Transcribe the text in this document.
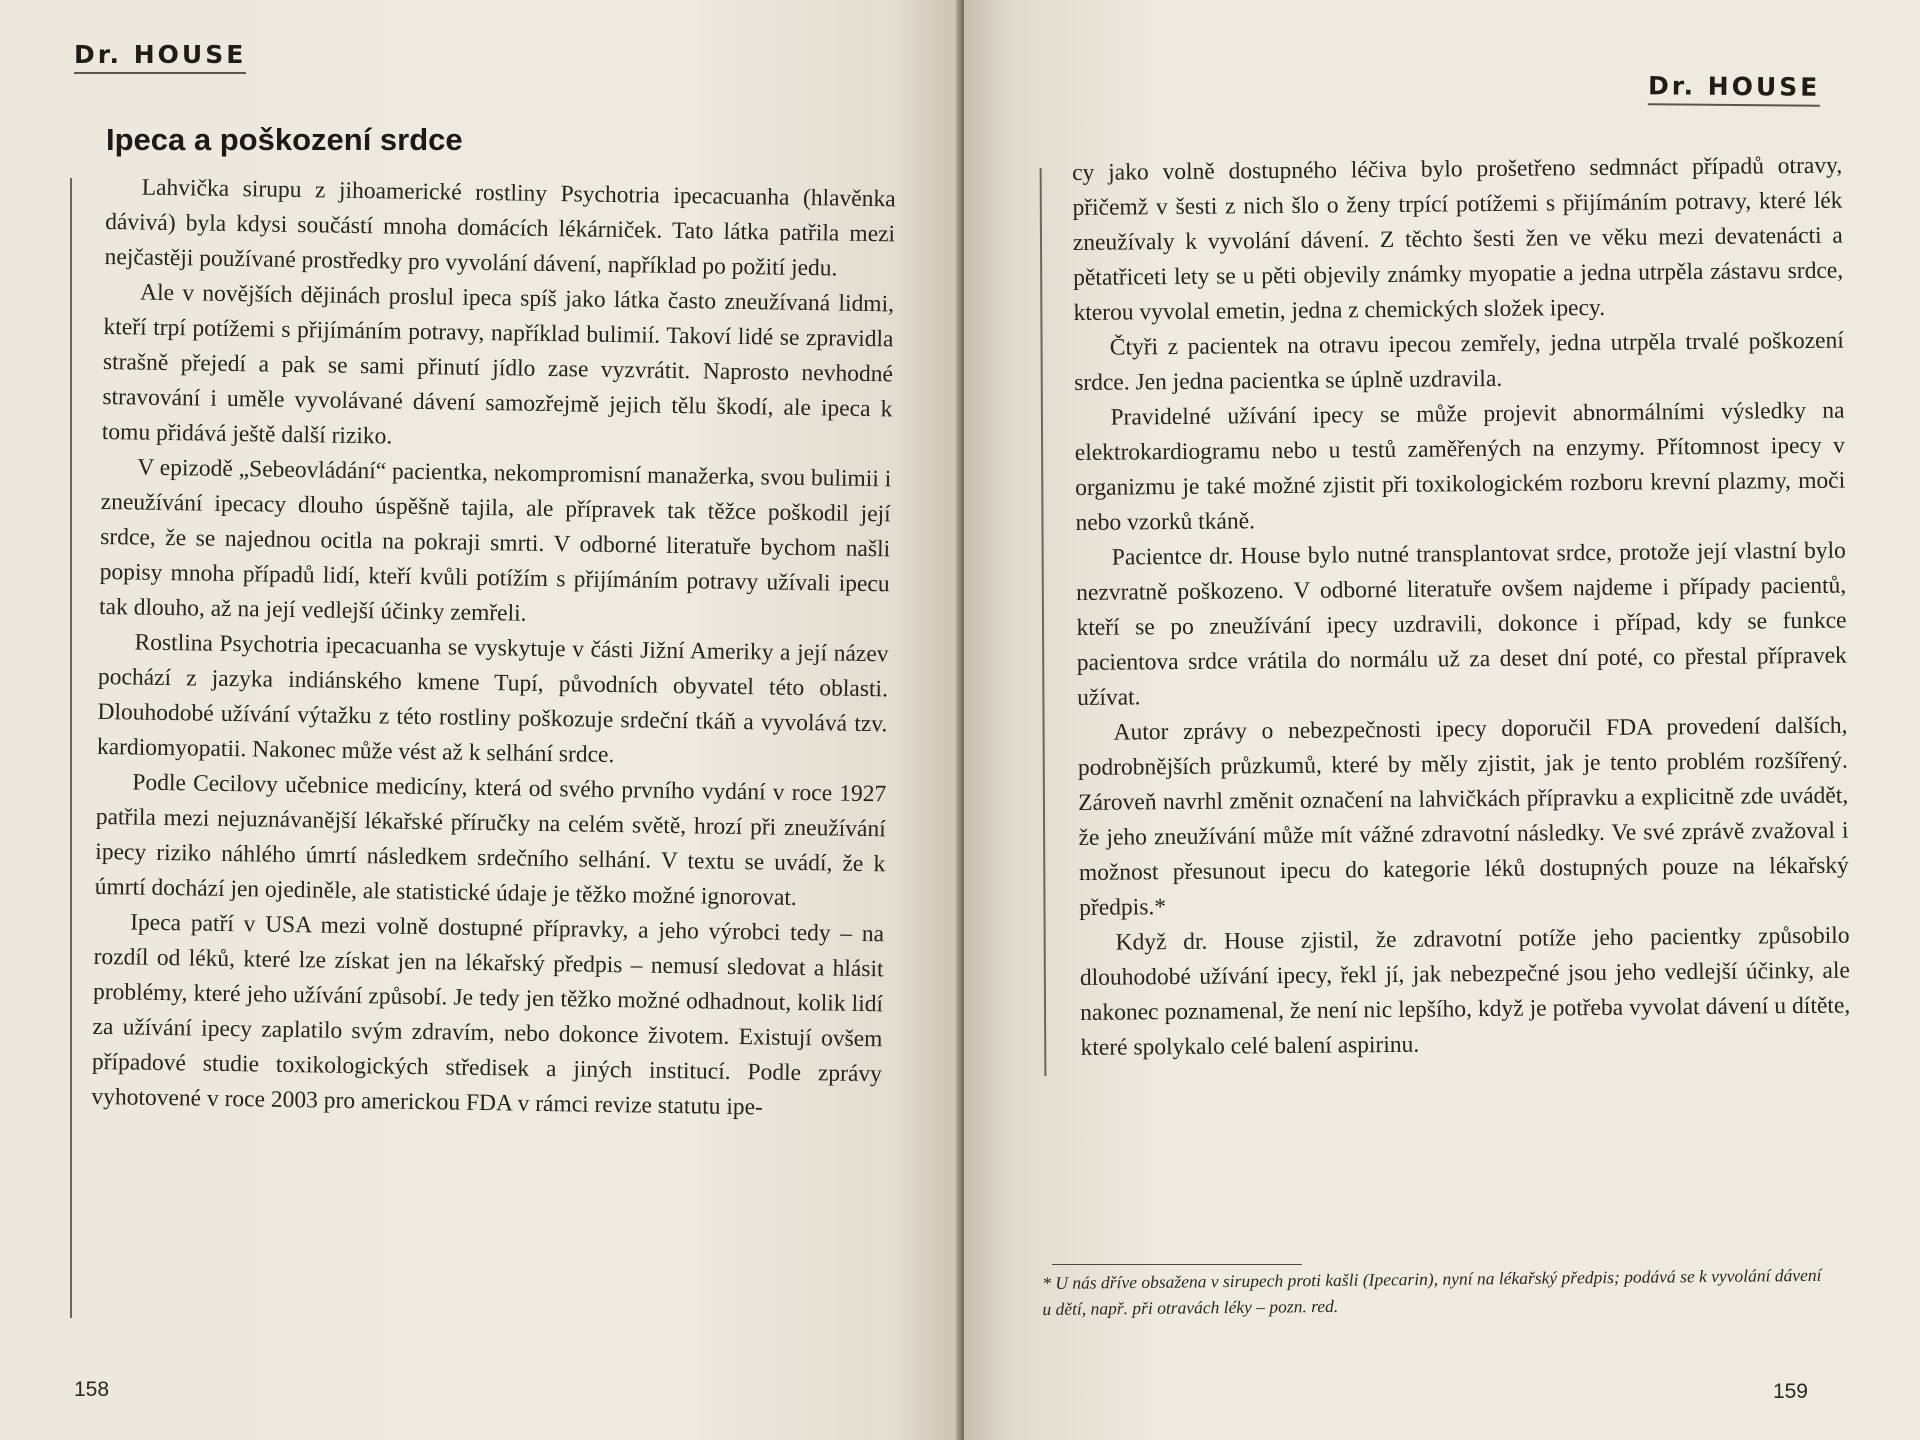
Dr. HOUSE
Ipeca a poškození srdce

Lahvička sirupu z jihoamerické rostliny Psychotria ipecacuanha (hlavěnka dávivá) byla kdysi součástí mnoha domácích lékárniček. Tato látka patřila mezi nejčastěji používané prostředky pro vyvolání dávení, například po požití jedu.

Ale v novějších dějinách proslul ipeca spíš jako látka často zneužívaná lidmi, kteří trpí potížemi s přijímáním potravy, například bulimií. Takoví lidé se zpravidla strašně přejedí a pak se sami přinutí jídlo zase vyzvrátit. Naprosto nevhodné stravování i uměle vyvolávané dávení samozřejmě jejich tělu škodí, ale ipeca k tomu přidává ještě další riziko.

V epizodě „Sebeovládání“ pacientka, nekompromisní manažerka, svou bulimii i zneužívání ipecacy dlouho úspěšně tajila, ale přípravek tak těžce poškodil její srdce, že se najednou ocitla na pokraji smrti. V odborné literatuře bychom našli popisy mnoha případů lidí, kteří kvůli potížím s přijímáním potravy užívali ipecu tak dlouho, až na její vedlejší účinky zemřeli.

Rostlina Psychotria ipecacuanha se vyskytuje v části Jižní Ameriky a její název pochází z jazyka indiánského kmene Tupí, původních obyvatel této oblasti. Dlouhodobé užívání výtažku z této rostliny poškozuje srdeční tkáň a vyvolává tzv. kardiomyopatii. Nakonec může vést až k selhání srdce.

Podle Cecilovy učebnice medicíny, která od svého prvního vydání v roce 1927 patřila mezi nejuznávanější lékařské příručky na celém světě, hrozí při zneužívání ipecy riziko náhlého úmrtí následkem srdečního selhání. V textu se uvádí, že k úmrtí dochází jen ojediněle, ale statistické údaje je těžko možné ignorovat.

Ipeca patří v USA mezi volně dostupné přípravky, a jeho výrobci tedy – na rozdíl od léků, které lze získat jen na lékařský předpis – nemusí sledovat a hlásit problémy, které jeho užívání způsobí. Je tedy jen těžko možné odhadnout, kolik lidí za užívání ipecy zaplatilo svým zdravím, nebo dokonce životem. Existují ovšem případové studie toxikologických středisek a jiných institucí. Podle zprávy vyhotovené v roce 2003 pro americkou FDA v rámci revize statutu ipe-

158
Dr. HOUSE

cy jako volně dostupného léčiva bylo prošetřeno sedmnáct případů otravy, přičemž v šesti z nich šlo o ženy trpící potížemi s přijímáním potravy, které lék zneužívaly k vyvolání dávení. Z těchto šesti žen ve věku mezi devatenácti a pětatřiceti lety se u pěti objevily známky myopatie a jedna utrpěla zástavu srdce, kterou vyvolal emetin, jedna z chemických složek ipecy.

Čtyři z pacientek na otravu ipecou zemřely, jedna utrpěla trvalé poškození srdce. Jen jedna pacientka se úplně uzdravila.

Pravidelné užívání ipecy se může projevit abnormálními výsledky na elektrokardiogramu nebo u testů zaměřených na enzymy. Přítomnost ipecy v organizmu je také možné zjistit při toxikologickém rozboru krevní plazmy, moči nebo vzorků tkáně.

Pacientce dr. House bylo nutné transplantovat srdce, protože její vlastní bylo nezvratně poškozeno. V odborné literatuře ovšem najdeme i případy pacientů, kteří se po zneužívání ipecy uzdravili, dokonce i případ, kdy se funkce pacientova srdce vrátila do normálu už za deset dní poté, co přestal přípravek užívat.

Autor zprávy o nebezpečnosti ipecy doporučil FDA provedení dalších, podrobnějších průzkumů, které by měly zjistit, jak je tento problém rozšířený. Zároveň navrhl změnit označení na lahvičkách přípravku a explicitně zde uvádět, že jeho zneužívání může mít vážné zdravotní následky. Ve své zprávě zvažoval i možnost přesunout ipecu do kategorie léků dostupných pouze na lékařský předpis.*

Když dr. House zjistil, že zdravotní potíže jeho pacientky způsobilo dlouhodobé užívání ipecy, řekl jí, jak nebezpečné jsou jeho vedlejší účinky, ale nakonec poznamenal, že není nic lepšího, když je potřeba vyvolat dávení u dítěte, které spolykalo celé balení aspirinu.

* U nás dříve obsažena v sirupech proti kašli (Ipecarin), nyní na lékařský předpis; podává se k vyvolání dávení u dětí, např. při otravách léky – pozn. red.
159
